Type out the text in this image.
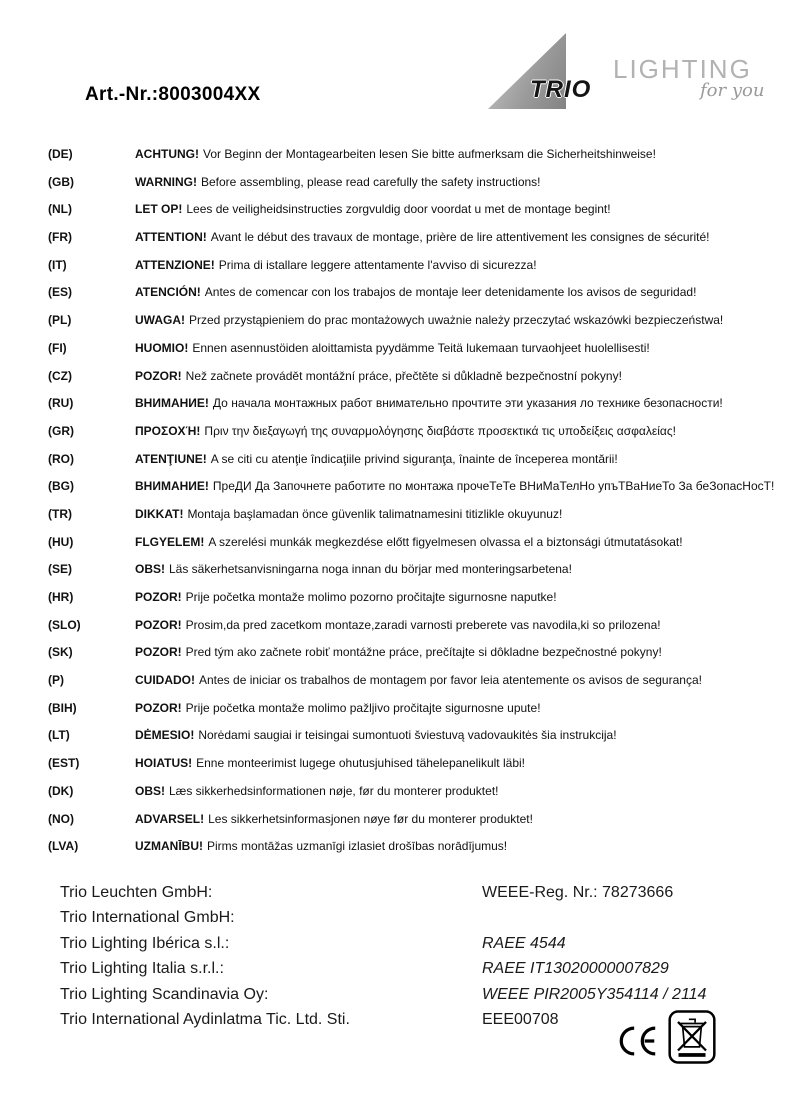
Art.-Nr.:8003004XX	TRIO
LIGHTING
for you
(DE)	ACHTUNG! Vor Beginn der Montagearbeiten lesen Sie bitte aufmerksam die Sicherheitshinweise!
(GB)	WARNING! Before assembling, please read carefully the safety instructions!
(NL)	LET OP! Lees de veiligheidsinstructies zorgvuldig door voordat u met de montage begint!
(FR)	ATTENTION! Avant le début des travaux de montage, prière de lire attentivement les consignes de sécurité!
(IT)	ATTENZIONE! Prima di istallare leggere attentamente l'avviso di sicurezza!
(ES)	ATENCIÓN! Antes de comencar con los trabajos de montaje leer detenidamente los avisos de seguridad!
(PL)	UWAGA! Przed przystąpieniem do prac montażowych uważnie należy przeczytać wskazówki bezpieczeństwa!
(FI)	HUOMIO! Ennen asennustöiden aloittamista pyydämme Teitä lukemaan turvaohjeet huolellisesti!
(CZ)	POZOR! Než začnete provádět montážní práce, přečtěte si důkladně bezpečnostní pokyny!
(RU)	ВНИМАНИЕ! До начала монтажных работ внимательно прочтите эти указания ло технике безопасности!
(GR)	ΠΡΟΣΟΧΉ! Πριν την διεξαγωγή της συναρμολόγησης διαβάστε προσεκτικά τις υποδείξεις ασφαλείας!
(RO)	ATENŢIUNE! A se citi cu atenţie îndicaţiile privind siguranţa, înainte de începerea montării!
(BG)	ВНИМАНИЕ! ПреДИ Да Започнете работите по монтажа прочеТеТе ВНиМаТелНо упъТВаНиеТо За беЗопасНосТ!
(TR)	DIKKAT! Montaja başlamadan önce güvenlik talimatnamesini titizlikle okuyunuz!
(HU)	FLGYELEM! A szerelési munkák megkezdése előtt figyelmesen olvassa el a biztonsági útmutatásokat!
(SE)	OBS! Läs säkerhetsanvisningarna noga innan du börjar med monteringsarbetena!
(HR)	POZOR! Prije početka montaže molimo pozorno pročitajte sigurnosne naputke!
(SLO)	POZOR! Prosim,da pred zacetkom montaze,zaradi varnosti preberete vas navodila,ki so prilozena!
(SK)	POZOR! Pred tým ako začnete robiť montážne práce, prečítajte si dôkladne bezpečnostné pokyny!
(P)	CUIDADO! Antes de iniciar os trabalhos de montagem por favor leia atentemente os avisos de segurança!
(BIH)	POZOR! Prije početka montaže molimo pažljivo pročitajte sigurnosne upute!
(LT)	DĖMESIO! Norėdami saugiai ir teisingai sumontuoti šviestuvą vadovaukitės šia instrukcija!
(EST)	HOIATUS! Enne monteerimist lugege ohutusjuhised tähelepanelikult läbi!
(DK)	OBS! Læs sikkerhedsinformationen nøje, før du monterer produktet!
(NO)	ADVARSEL! Les sikkerhetsinformasjonen nøye før du monterer produktet!
(LVA)	UZMANĪBU! Pirms montāžas uzmanīgi izlasiet drošības norādījumus!
Trio Leuchten GmbH:	WEEE-Reg. Nr.: 78273666
Trio International GmbH:
Trio Lighting Ibérica s.l.:	RAEE 4544
Trio Lighting Italia s.r.l.:	RAEE IT13020000007829
Trio Lighting Scandinavia Oy:	WEEE PIR2005Y354114 / 2114
Trio International Aydinlatma Tic. Ltd. Sti.	EEE00708
